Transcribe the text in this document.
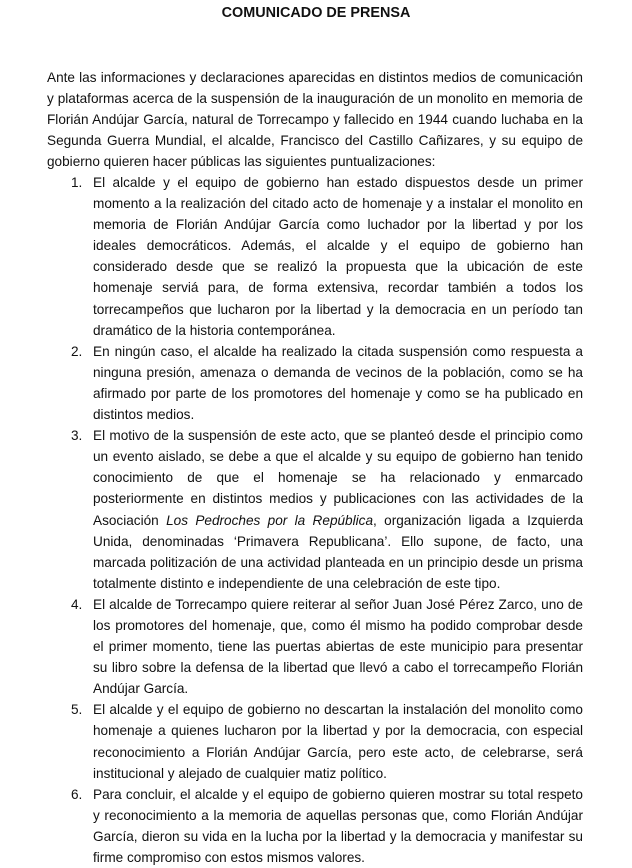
COMUNICADO DE PRENSA

Ante las informaciones y declaraciones aparecidas en distintos medios de comunicación y plataformas acerca de la suspensión de la inauguración de un monolito en memoria de Florián Andújar García, natural de Torrecampo y fallecido en 1944 cuando luchaba en la Segunda Guerra Mundial, el alcalde, Francisco del Castillo Cañizares, y su equipo de gobierno quieren hacer públicas las siguientes puntualizaciones:

1. El alcalde y el equipo de gobierno han estado dispuestos desde un primer momento a la realización del citado acto de homenaje y a instalar el monolito en memoria de Florián Andújar García como luchador por la libertad y por los ideales democráticos. Además, el alcalde y el equipo de gobierno han considerado desde que se realizó la propuesta que la ubicación de este homenaje serviá para, de forma extensiva, recordar también a todos los torrecampeños que lucharon por la libertad y la democracia en un período tan dramático de la historia contemporánea.
2. En ningún caso, el alcalde ha realizado la citada suspensión como respuesta a ninguna presión, amenaza o demanda de vecinos de la población, como se ha afirmado por parte de los promotores del homenaje y como se ha publicado en distintos medios.
3. El motivo de la suspensión de este acto, que se planteó desde el principio como un evento aislado, se debe a que el alcalde y su equipo de gobierno han tenido conocimiento de que el homenaje se ha relacionado y enmarcado posteriormente en distintos medios y publicaciones con las actividades de la Asociación Los Pedroches por la República, organización ligada a Izquierda Unida, denominadas ‘Primavera Republicana’. Ello supone, de facto, una marcada politización de una actividad planteada en un principio desde un prisma totalmente distinto e independiente de una celebración de este tipo.
4. El alcalde de Torrecampo quiere reiterar al señor Juan José Pérez Zarco, uno de los promotores del homenaje, que, como él mismo ha podido comprobar desde el primer momento, tiene las puertas abiertas de este municipio para presentar su libro sobre la defensa de la libertad que llevó a cabo el torrecampeño Florián Andújar García.
5. El alcalde y el equipo de gobierno no descartan la instalación del monolito como homenaje a quienes lucharon por la libertad y por la democracia, con especial reconocimiento a Florián Andújar García, pero este acto, de celebrarse, será institucional y alejado de cualquier matiz político.
6. Para concluir, el alcalde y el equipo de gobierno quieren mostrar su total respeto y reconocimiento a la memoria de aquellas personas que, como Florián Andújar García, dieron su vida en la lucha por la libertad y la democracia y manifestar su firme compromiso con estos mismos valores.
